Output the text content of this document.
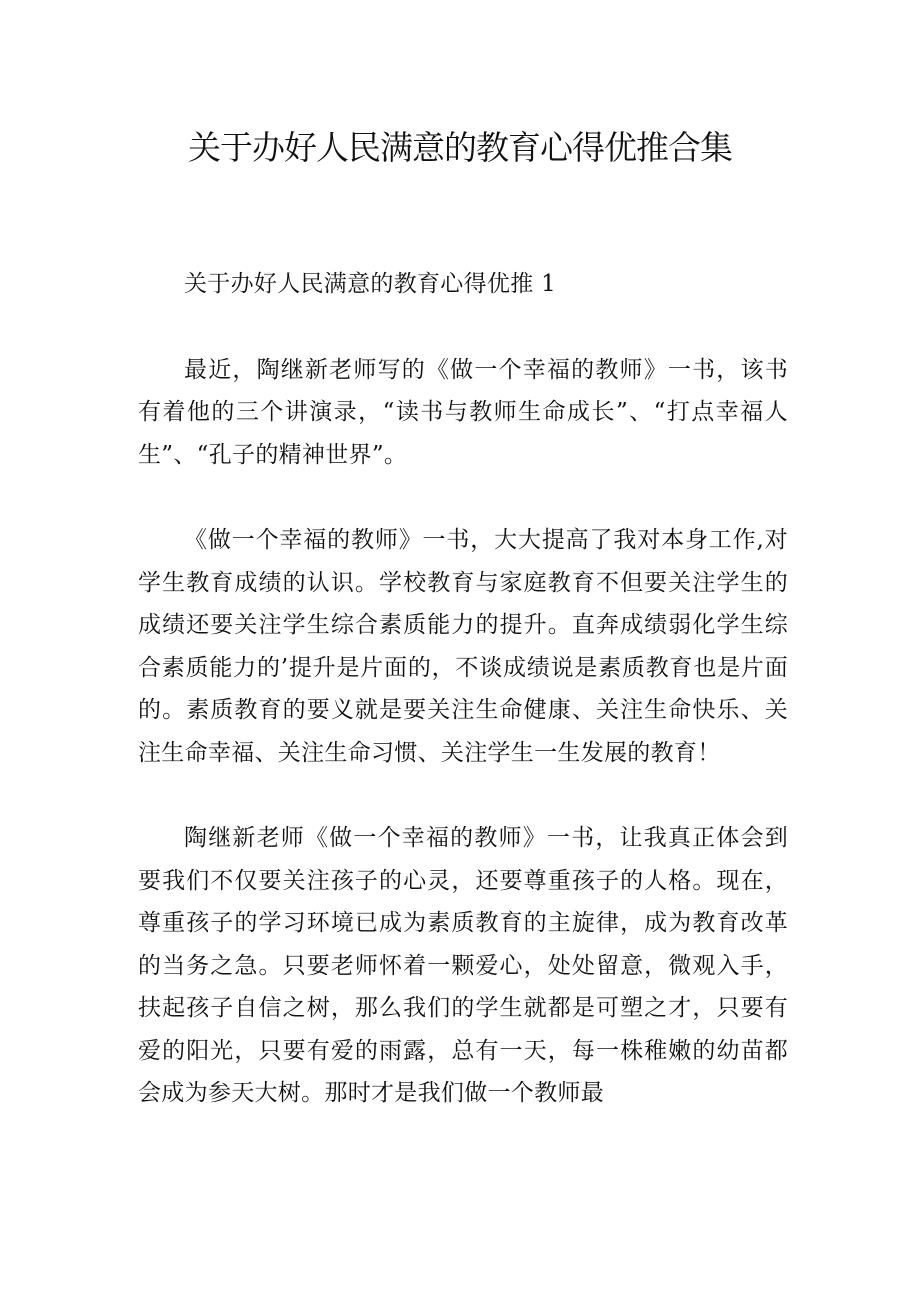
关于办好人民满意的教育心得优推合集

关于办好人民满意的教育心得优推 1

最近，陶继新老师写的《做一个幸福的教师》一书，该书有着他的三个讲演录，“读书与教师生命成长”、“打点幸福人生”、“孔子的精神世界”。

《做一个幸福的教师》一书，大大提高了我对本身工作,对学生教育成绩的认识。学校教育与家庭教育不但要关注学生的成绩还要关注学生综合素质能力的提升。直奔成绩弱化学生综合素质能力的’提升是片面的，不谈成绩说是素质教育也是片面的。素质教育的要义就是要关注生命健康、关注生命快乐、关注生命幸福、关注生命习惯、关注学生一生发展的教育！

陶继新老师《做一个幸福的教师》一书，让我真正体会到要我们不仅要关注孩子的心灵，还要尊重孩子的人格。现在，尊重孩子的学习环境已成为素质教育的主旋律，成为教育改革的当务之急。只要老师怀着一颗爱心，处处留意，微观入手，扶起孩子自信之树，那么我们的学生就都是可塑之才，只要有爱的阳光，只要有爱的雨露，总有一天，每一株稚嫩的幼苗都会成为参天大树。那时才是我们做一个教师最
